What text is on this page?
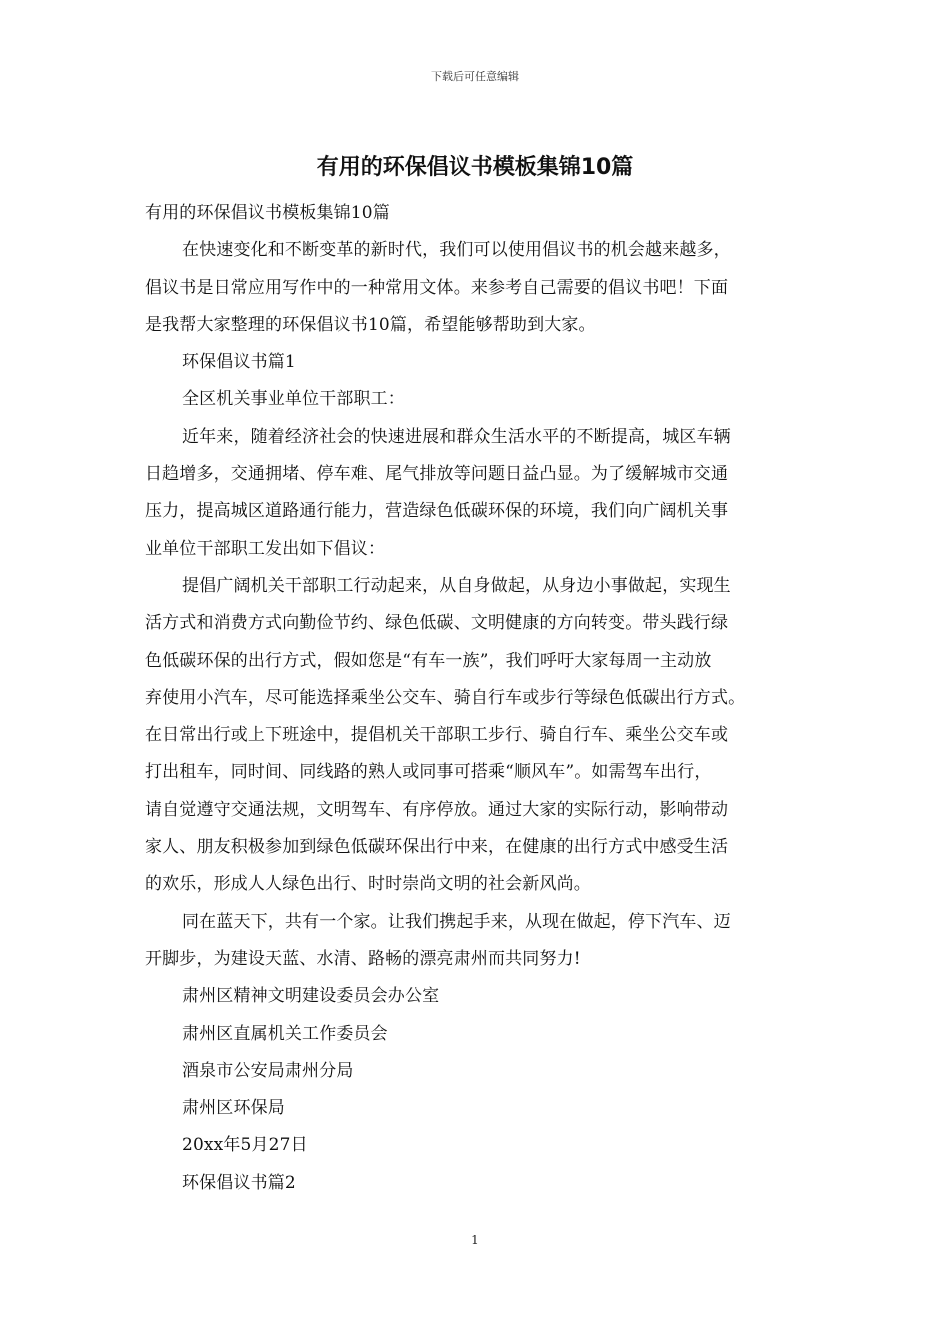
下载后可任意编辑
有用的环保倡议书模板集锦10篇
有用的环保倡议书模板集锦10篇
在快速变化和不断变革的新时代，我们可以使用倡议书的机会越来越多，
倡议书是日常应用写作中的一种常用文体。来参考自己需要的倡议书吧！下面
是我帮大家整理的环保倡议书10篇，希望能够帮助到大家。
环保倡议书篇1
全区机关事业单位干部职工：
近年来，随着经济社会的快速进展和群众生活水平的不断提高，城区车辆
日趋增多，交通拥堵、停车难、尾气排放等问题日益凸显。为了缓解城市交通
压力，提高城区道路通行能力，营造绿色低碳环保的环境，我们向广阔机关事
业单位干部职工发出如下倡议：
提倡广阔机关干部职工行动起来，从自身做起，从身边小事做起，实现生
活方式和消费方式向勤俭节约、绿色低碳、文明健康的方向转变。带头践行绿
色低碳环保的出行方式，假如您是“有车一族”，我们呼吁大家每周一主动放
弃使用小汽车，尽可能选择乘坐公交车、骑自行车或步行等绿色低碳出行方式。
在日常出行或上下班途中，提倡机关干部职工步行、骑自行车、乘坐公交车或
打出租车，同时间、同线路的熟人或同事可搭乘“顺风车”。如需驾车出行，
请自觉遵守交通法规，文明驾车、有序停放。通过大家的实际行动，影响带动
家人、朋友积极参加到绿色低碳环保出行中来，在健康的出行方式中感受生活
的欢乐，形成人人绿色出行、时时崇尚文明的社会新风尚。
同在蓝天下，共有一个家。让我们携起手来，从现在做起，停下汽车、迈
开脚步，为建设天蓝、水清、路畅的漂亮肃州而共同努力!
肃州区精神文明建设委员会办公室
肃州区直属机关工作委员会
酒泉市公安局肃州分局
肃州区环保局
20xx年5月27日
环保倡议书篇2
1
